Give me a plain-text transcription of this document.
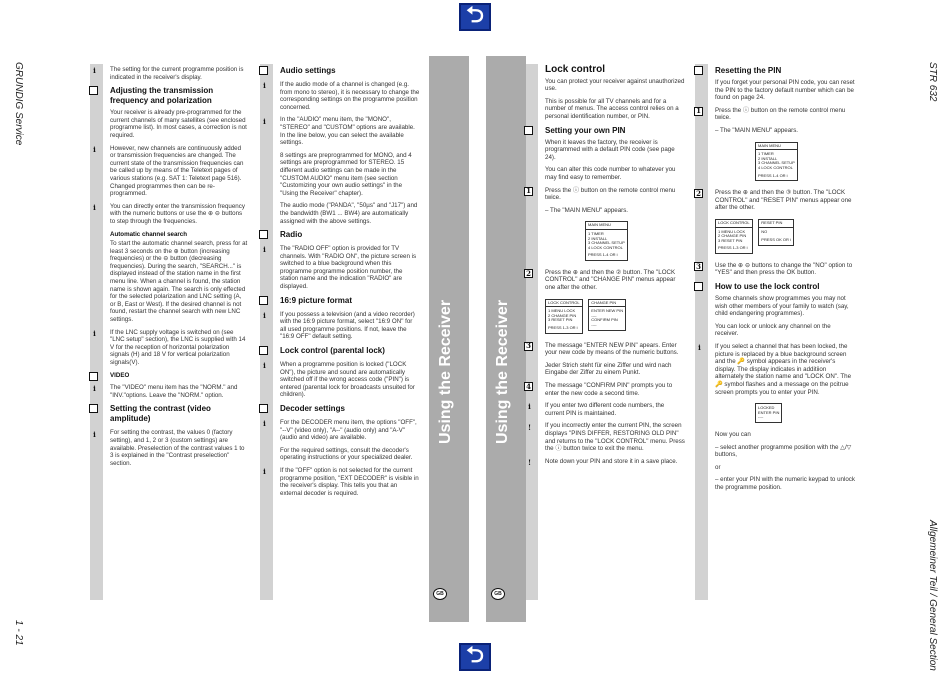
⮌
⮌
GRUNDIG Service
1 - 21
STR 632
Allgemeiner Teil / General Section
Using the Receiver	Using the Receiver
GB	GB
i	The setting for the current programme position is indicated in the receiver's display.

Adjusting the transmission frequency and polarization

Your receiver is already pre-programmed for the current channels of many satellites (see enclosed programme list). In most cases, a correction is not required.

i	However, new channels are continuously added or transmission frequencies are changed. The current state of the transmission frequencies can be called up by means of the Teletext pages of various stations (e.g. SAT 1: Teletext page 516). Changed programmes then can be re-programmed.

i	You can directly enter the transmission frequency with the numeric buttons or use the ⊕ ⊖ buttons to step through the frequencies.

Automatic channel search

To start the automatic channel search, press for at least 3 seconds on the ⊕ button (increasing frequencies) or the ⊖ button (decreasing frequencies). During the search, "SEARCH..." is displayed instead of the station name in the first menu line. When a channel is found, the station name is shown again. The search is only effected for the selected polarization and LNC setting (A, or B, East or West). If the desired channel is not found, restart the channel search with new LNC settings.

i	If the LNC supply voltage is switched on (see "LNC setup" section), the LNC is supplied with 14 V for the reception of horizontal polarization signals (H) and 18 V for vertical polarization signals(V).

VIDEO
i	The "VIDEO" menu item has the "NORM." and "INV."options. Leave the "NORM." option.

Setting the contrast (video amplitude)
i	For setting the contrast, the values 0 (factory setting), and 1, 2 or 3 (custom settings) are available. Preselection of the contrast values 1 to 3 is explained in the "Contrast preselection" section.

Audio settings
i	If the audio mode of a channel is changed (e.g. from mono to stereo), it is necessary to change the corresponding settings on the programme position concerned.

i	In the "AUDIO" menu item, the "MONO", "STEREO" and "CUSTOM" options are available. In the line below, you can select the available settings.

8 settings are preprogrammed for MONO, and 4 settings are preprogrammed for STEREO. 15 different audio settings can be made in the "CUSTOM AUDIO" menu item (see section "Customizing your own audio settings" in the "Using the Receiver" chapter).

The audio mode ("PANDA", "50µs" and "J17") and the bandwidth (BW1 ... BW4) are automatically assigned with the above settings.

Radio
i	The "RADIO OFF" option is provided for TV channels. With "RADIO ON", the picture screen is switched to a blue background when this programme programme position number, the station name and the indication "RADIO" are displayed.

16:9 picture format
i	If you possess a television (and a video recorder) with the 16:9 picture format, select "16:9 ON" for all used programme positions. If not, leave the "16:9 OFF" default setting.

Lock control (parental lock)
i	When a programme position is locked ("LOCK ON"), the picture and sound are automatically switched off if the wrong access code ("PIN") is entered (parental lock for broadcasts unsuited for children).

Decoder settings
i	For the DECODER menu item, the options "OFF", "--V" (video only), "A--" (audio only) and "A-V" (audio and video) are available.

For the required settings, consult the decoder's operating instructions or your specialized dealer.

i	If the "OFF" option is not selected for the current programme position, "EXT DECODER" is visible in the receiver's display. This tells you that an external decoder is required.

Lock control

You can protect your receiver against unauthorized use.

This is possible for all TV channels and for a number of menus. The access control relies on a personal identification number, or PIN.

Setting your own PIN

When it leaves the factory, the receiver is programmed with a default PIN code (see page 24).

You can alter this code number to whatever you may find easy to remember.

1	Press the ⓘ button on the remote control menu twice.

– The "MAIN MENU" appears.

MAIN MENU
1 TIMER
2 INSTALL
3 CHANNEL SETUP
4 LOCK CONTROL
PRESS 1-4 OR i
2	Press the ⊕ and then the ② button. The "LOCK CONTROL" and "CHANGE PIN" menus appear one after the other.

LOCK CONTROL
1 MENU LOCK
2 CHANGE PIN
3 RESET PIN
PRESS 1-3 OR i

CHANGE PIN
ENTER NEW PIN
----
CONFIRM PIN
----
3	The message "ENTER NEW PIN" apears. Enter your new code by means of the numeric buttons.

Jeder Strich steht für eine Ziffer und wird nach Eingabe der Ziffer zu einem Punkt.

4	The message "CONFIRM PIN" prompts you to enter the new code a second time.

i	If you enter two different code numbers, the current PIN is maintained.

!	If you incorrectly enter the current PIN, the screen displays "PINS DIFFER, RESTORING OLD PIN" and returns to the "LOCK CONTROL" menu. Press the ⓘ button twice to exit the menu.

!	Note down your PIN and store it in a save place.

Resetting the PIN

If you forget your personal PIN code, you can reset the PIN to the factory default number which can be found on page 24.

1	Press the ⓘ button on the remote control menu twice.

– The "MAIN MENU" appears.

MAIN MENU
1 TIMER
2 INSTALL
3 CHANNEL SETUP
4 LOCK CONTROL
PRESS 1-4 OR i
2	Press the ⊕ and then the ③ button. The "LOCK CONTROL" and "RESET PIN" menus appear one after the other.

LOCK CONTROL
1 MENU LOCK
2 CHANGE PIN
3 RESET PIN
PRESS 1-3 OR i

RESET PIN
NO
PRESS OK OR i
3	Use the ⊕ ⊖ buttons to change the "NO" option to "YES" and then press the OK button.

How to use the lock control

Some channels show programmes you may not wish other members of your family to watch (say, child endangering programmes).

You can lock or unlock any channel on the receiver.

i	If you select a channel that has been locked, the picture is replaced by a blue background screen and the 🔑 symbol appears in the receiver's display. The display indicates in additiion alternately the station name and "LOCK ON". The 🔑 symbol flashes and a message on the pcitrue screen prompts you to enter your PIN.

LOCKED
ENTER PIN
----

Now you can

– select another programme position with the △/▽ buttons,

or

– enter your PIN with the numeric keypad to unlock the programme position.
